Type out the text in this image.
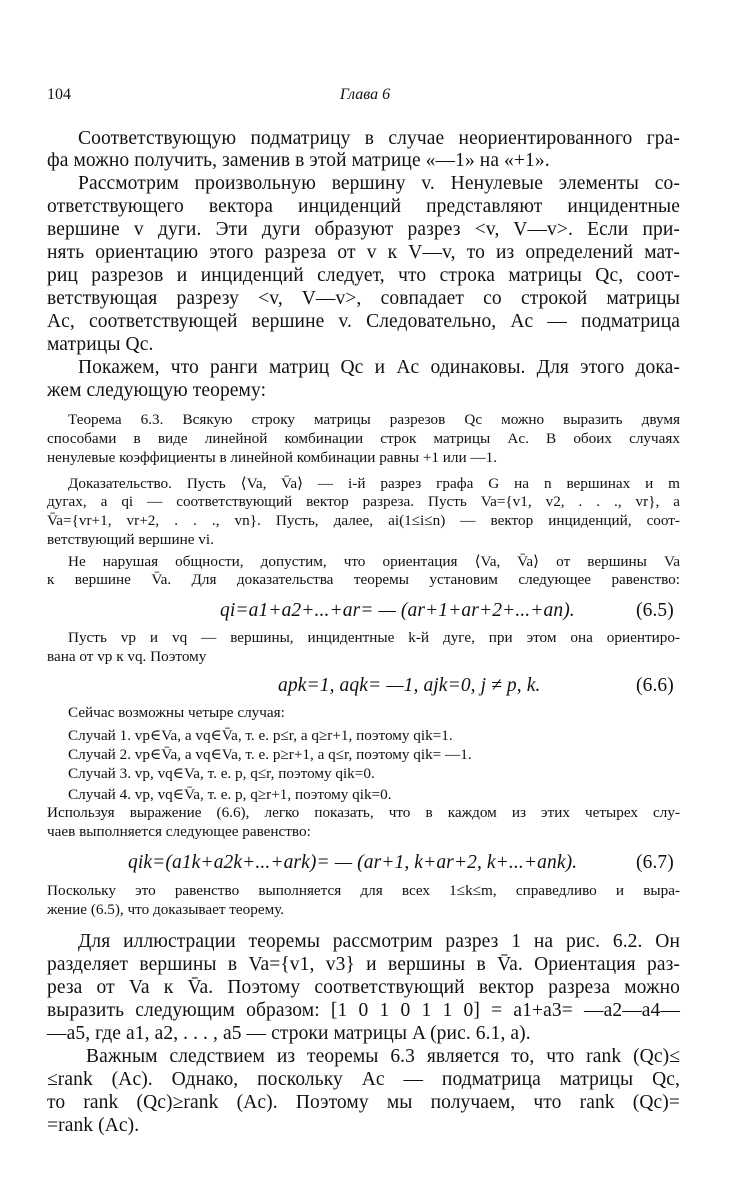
104	Глава 6
Соответствующую подматрицу в случае неориентированного гра-
фа можно получить, заменив в этой матрице «—1» на «+1».
Рассмотрим произвольную вершину v. Ненулевые элементы со-
ответствующего вектора инциденций представляют инцидентные
вершине v дуги. Эти дуги образуют разрез <v, V—v>. Если при-
нять ориентацию этого разреза от v к V—v, то из определений мат-
риц разрезов и инциденций следует, что строка матрицы Qc, соот-
ветствующая разрезу <v, V—v>, совпадает со строкой матрицы
Ac, соответствующей вершине v. Следовательно, Ac — подматрица
матрицы Qc.
Покажем, что ранги матриц Qc и Ac одинаковы. Для этого дока-
жем следующую теорему:
Теорема 6.3. Всякую строку матрицы разрезов Qc можно выразить двумя
способами в виде линейной комбинации строк матрицы Ac. В обоих случаях
ненулевые коэффициенты в линейной комбинации равны +1 или —1.
Доказательство. Пусть ⟨Va, V̄a⟩ — i-й разрез графа G на n вершинах и m
дугах, а qi — соответствующий вектор разреза. Пусть Va={v1, v2, . . ., vr}, а
V̄a={vr+1, vr+2, . . ., vn}. Пусть, далее, ai(1≤i≤n) — вектор инциденций, соот-
ветствующий вершине vi.
Не нарушая общности, допустим, что ориентация ⟨Va, V̄a⟩ от вершины Va
к вершине V̄a. Для доказательства теоремы установим следующее равенство:
qi=a1+a2+...+ar= — (ar+1+ar+2+...+an).	(6.5)
Пусть vp и vq — вершины, инцидентные k-й дуге, при этом она ориентиро-
вана от vp к vq. Поэтому
apk=1, aqk= —1, ajk=0, j ≠ p, k.	(6.6)
Сейчас возможны четыре случая:
Случай 1. vp∈Va, а vq∈V̄a, т. е. p≤r, а q≥r+1, поэтому qik=1.
Случай 2. vp∈V̄a, а vq∈Va, т. е. p≥r+1, а q≤r, поэтому qik= —1.
Случай 3. vp, vq∈Va, т. е. p, q≤r, поэтому qik=0.
Случай 4. vp, vq∈V̄a, т. е. p, q≥r+1, поэтому qik=0.
Используя выражение (6.6), легко показать, что в каждом из этих четырех слу-
чаев выполняется следующее равенство:
qik=(a1k+a2k+...+ark)= — (ar+1, k+ar+2, k+...+ank).	(6.7)
Поскольку это равенство выполняется для всех 1≤k≤m, справедливо и выра-
жение (6.5), что доказывает теорему.
Для иллюстрации теоремы рассмотрим разрез 1 на рис. 6.2. Он
разделяет вершины в Va={v1, v3} и вершины в V̄a. Ориентация раз-
реза от Va к V̄a. Поэтому соответствующий вектор разреза можно
выразить следующим образом: [1 0 1 0 1 1 0] = a1+a3= —a2—a4—
—a5, где a1, a2, . . . , a5 — строки матрицы A (рис. 6.1, a).
Важным следствием из теоремы 6.3 является то, что rank (Qc)≤
≤rank (Ac). Однако, поскольку Ac — подматрица матрицы Qc,
то rank (Qc)≥rank (Ac). Поэтому мы получаем, что rank (Qc)=
=rank (Ac).
